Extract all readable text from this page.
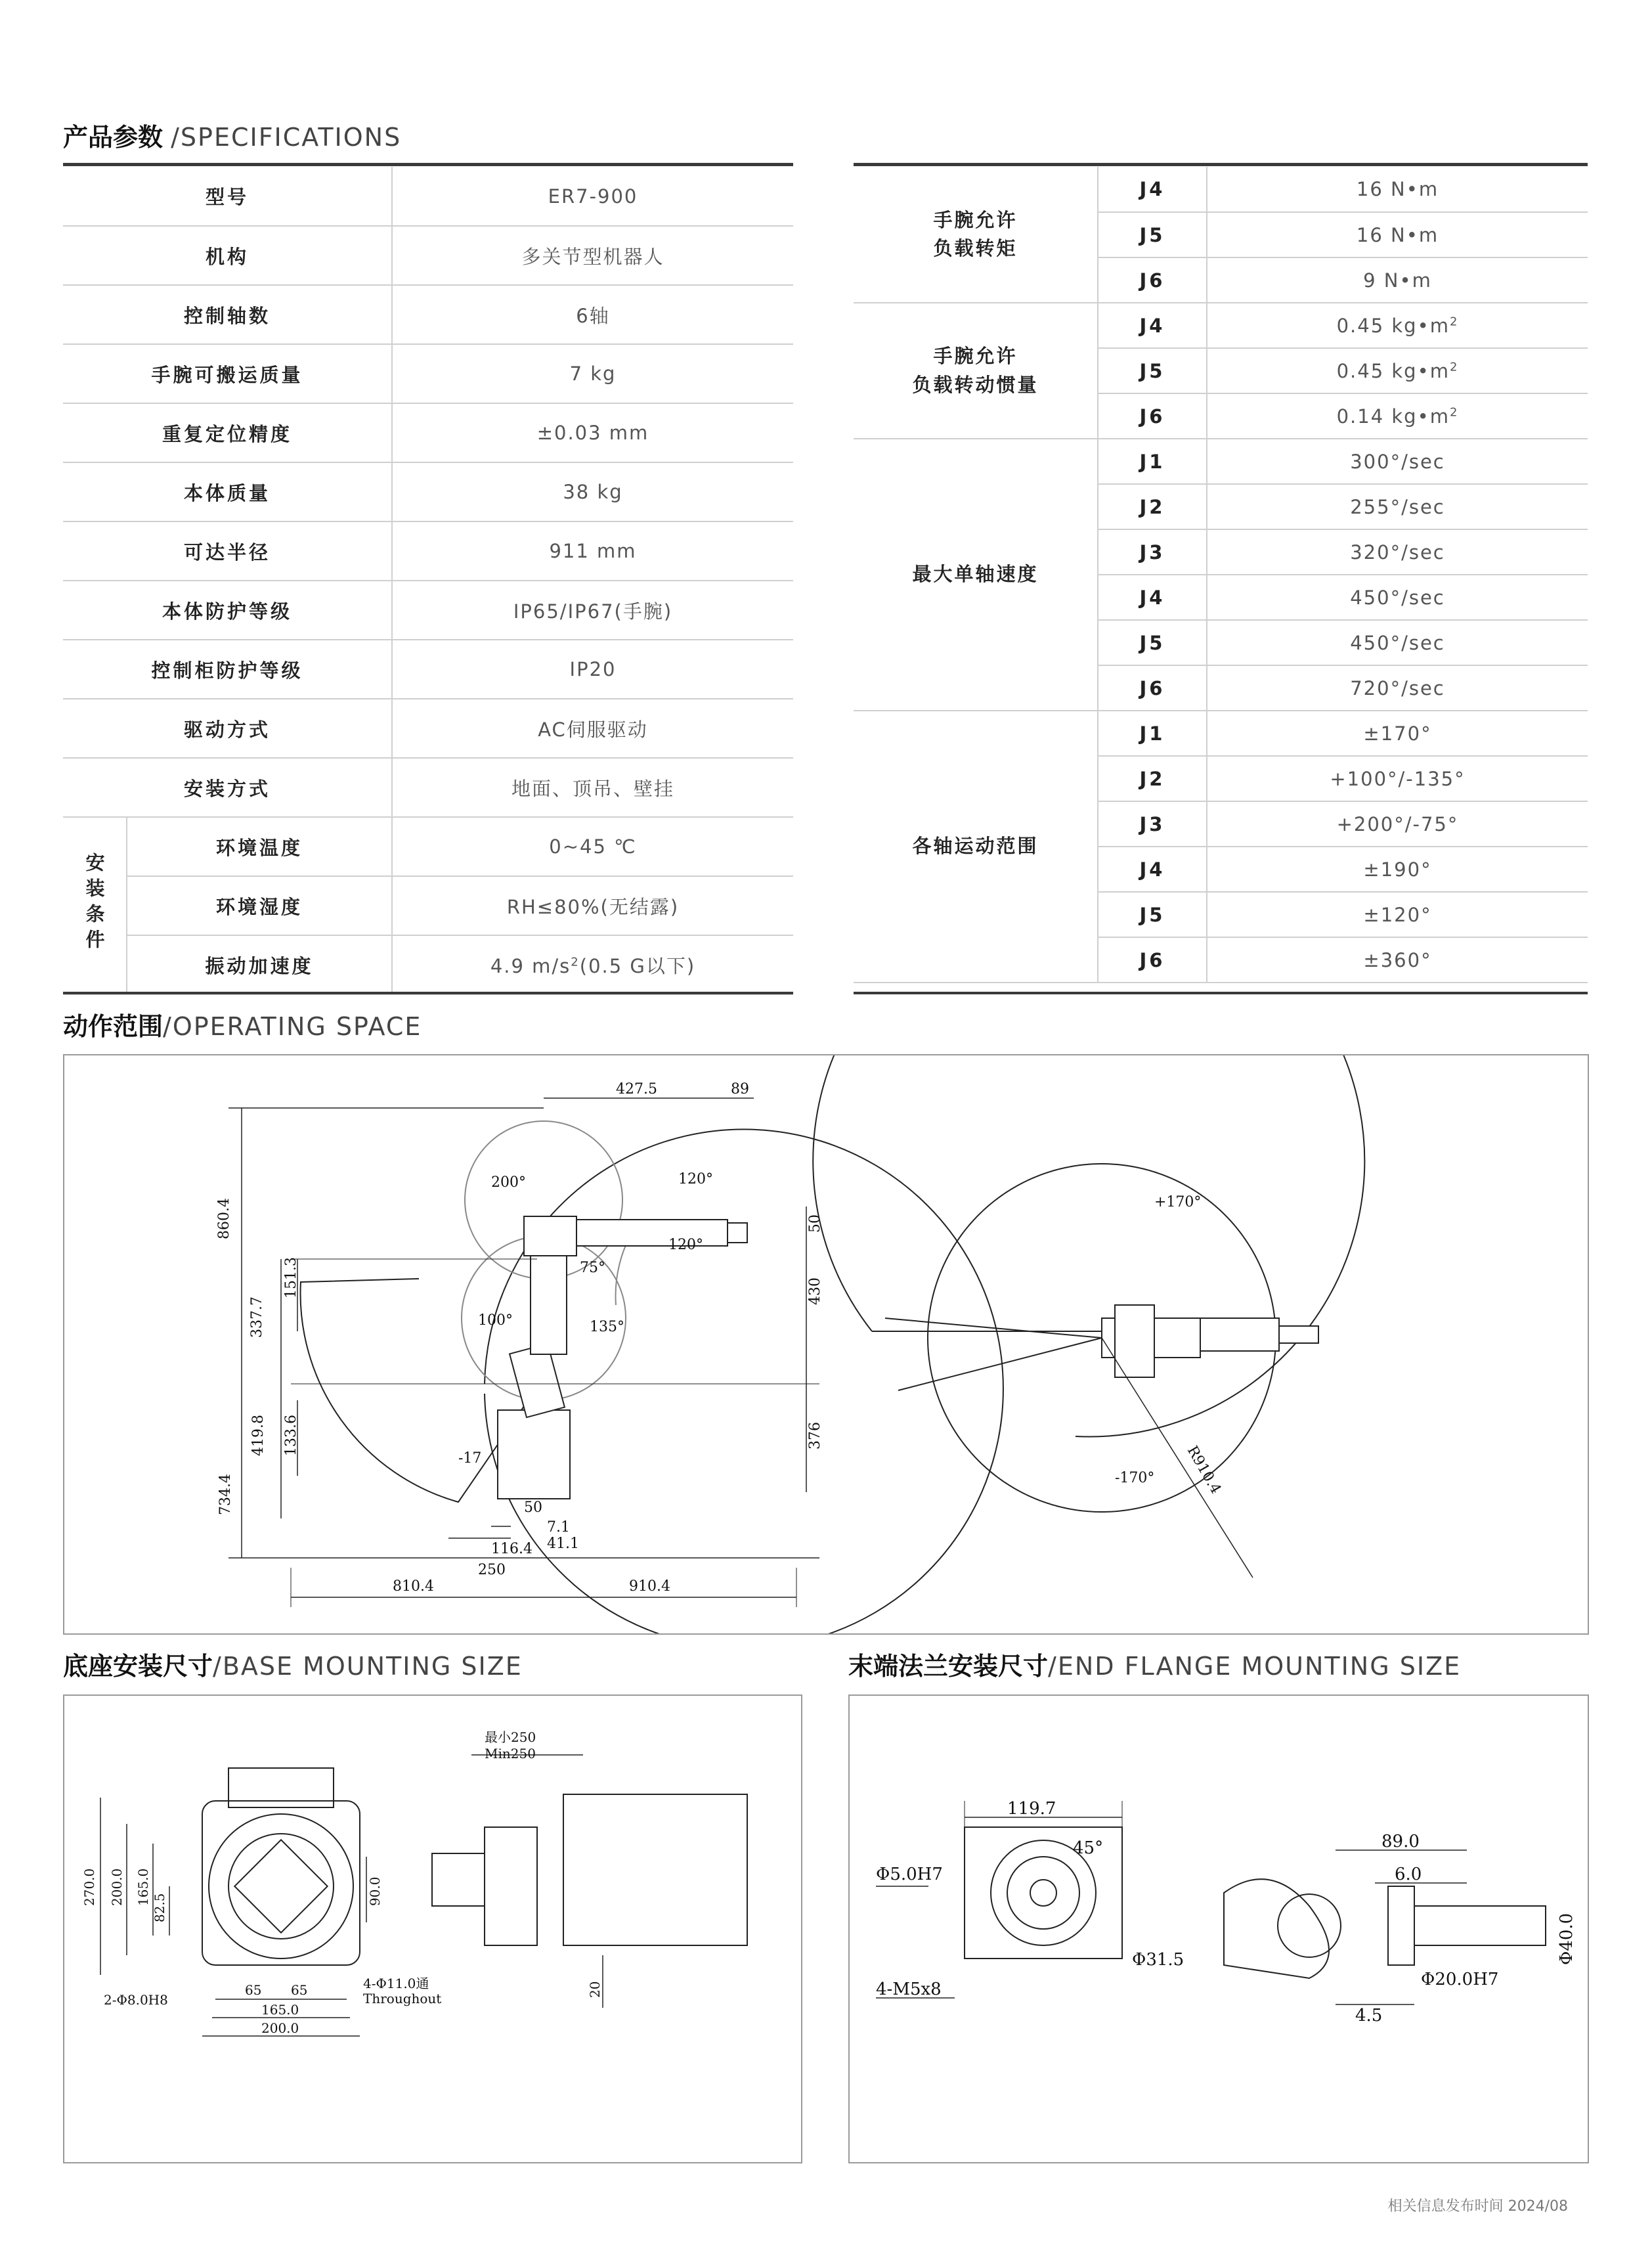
产品参数 /SPECIFICATIONS
型号		ER7-900
机构		多关节型机器人
控制轴数		6轴
手腕可搬运质量		7 kg
重复定位精度		±0.03 mm
本体质量		38 kg
可达半径		911 mm
本体防护等级		IP65/IP67(手腕)
控制柜防护等级		IP20
驱动方式		AC伺服驱动
安装方式		地面、顶吊、壁挂
安装条件	环境温度	0~45 ℃
	环境湿度	RH≤80%(无结露)
	振动加速度	4.9 $m/s^2(0.5$ G以下)
手腕允许
负载转矩	J4	16 N•m
	J5	16 N•m
	J6	9 N•m
手腕允许
负载转动惯量	J4	0.45 $kg•m^2$
	J5	0.45 $kg•m^2$
	J6	0.14 $kg•m^2$
最大单轴速度	J1	300°/sec
	J2	255°/sec
	J3	320°/sec
	J4	450°/sec
	J5	450°/sec
	J6	720°/sec
各轴运动范围	J1	±170°
	J2	+100°/-135°
	J3	+200°/-75°
	J4	±190°
	J5	±120°
	J6	±360°
动作范围/OPERATING SPACE
427.5	89
200°	120°
120°
75°
100°	135°
-17
860.4
337.7
151.3
419.8 133.6
734.4
50
430
376
50
7.1
41.1
116.4
250
810.4	910.4
+170°
-170° R910.4
底座安装尺寸/BASE MOUNTING SIZE
270.0 200.0 165.0
82.5
90.0
65 65
165.0
200.0
2-Φ8.0H8
4-Φ11.0通
Throughout
最小250
Min250
20
末端法兰安装尺寸/END FLANGE MOUNTING SIZE
119.7
45°
Φ5.0H7
Φ31.5
4-M5x8
89.0
6.0
Φ40.0
Φ20.0H7
4.5
相关信息发布时间 2024/08
